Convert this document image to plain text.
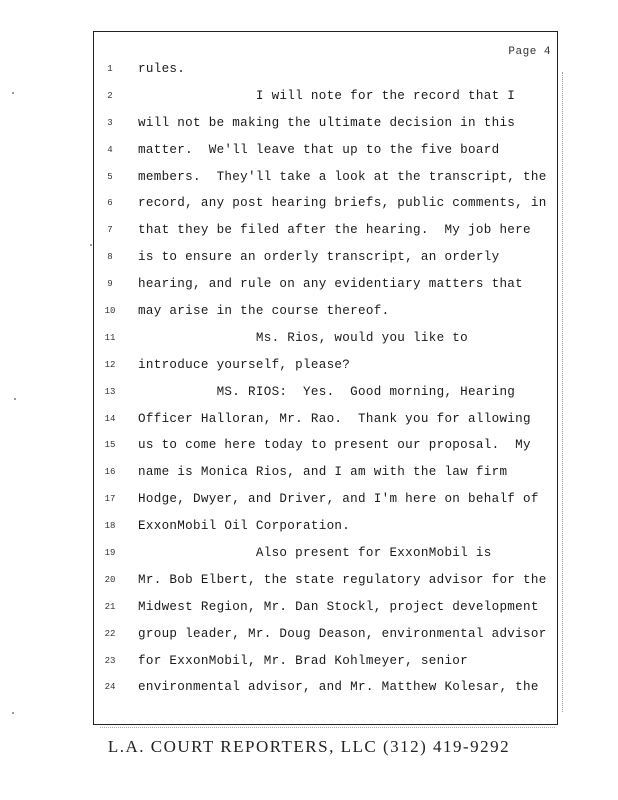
Page 4
1	rules.
2	I will note for the record that I
3	will not be making the ultimate decision in this
4	matter.  We'll leave that up to the five board
5	members.  They'll take a look at the transcript, the
6	record, any post hearing briefs, public comments, in
7	that they be filed after the hearing.  My job here
8	is to ensure an orderly transcript, an orderly
9	hearing, and rule on any evidentiary matters that
10 may arise in the course thereof.
11 Ms. Rios, would you like to
12 introduce yourself, please?
13 MS. RIOS:  Yes.  Good morning, Hearing
14 Officer Halloran, Mr. Rao.  Thank you for allowing
15 us to come here today to present our proposal.  My
16 name is Monica Rios, and I am with the law firm
17 Hodge, Dwyer, and Driver, and I'm here on behalf of
18 ExxonMobil Oil Corporation.
19 Also present for ExxonMobil is
20 Mr. Bob Elbert, the state regulatory advisor for the
21 Midwest Region, Mr. Dan Stockl, project development
22 group leader, Mr. Doug Deason, environmental advisor
23 for ExxonMobil, Mr. Brad Kohlmeyer, senior
24 environmental advisor, and Mr. Matthew Kolesar, the
L.A. COURT REPORTERS, LLC (312) 419-9292
